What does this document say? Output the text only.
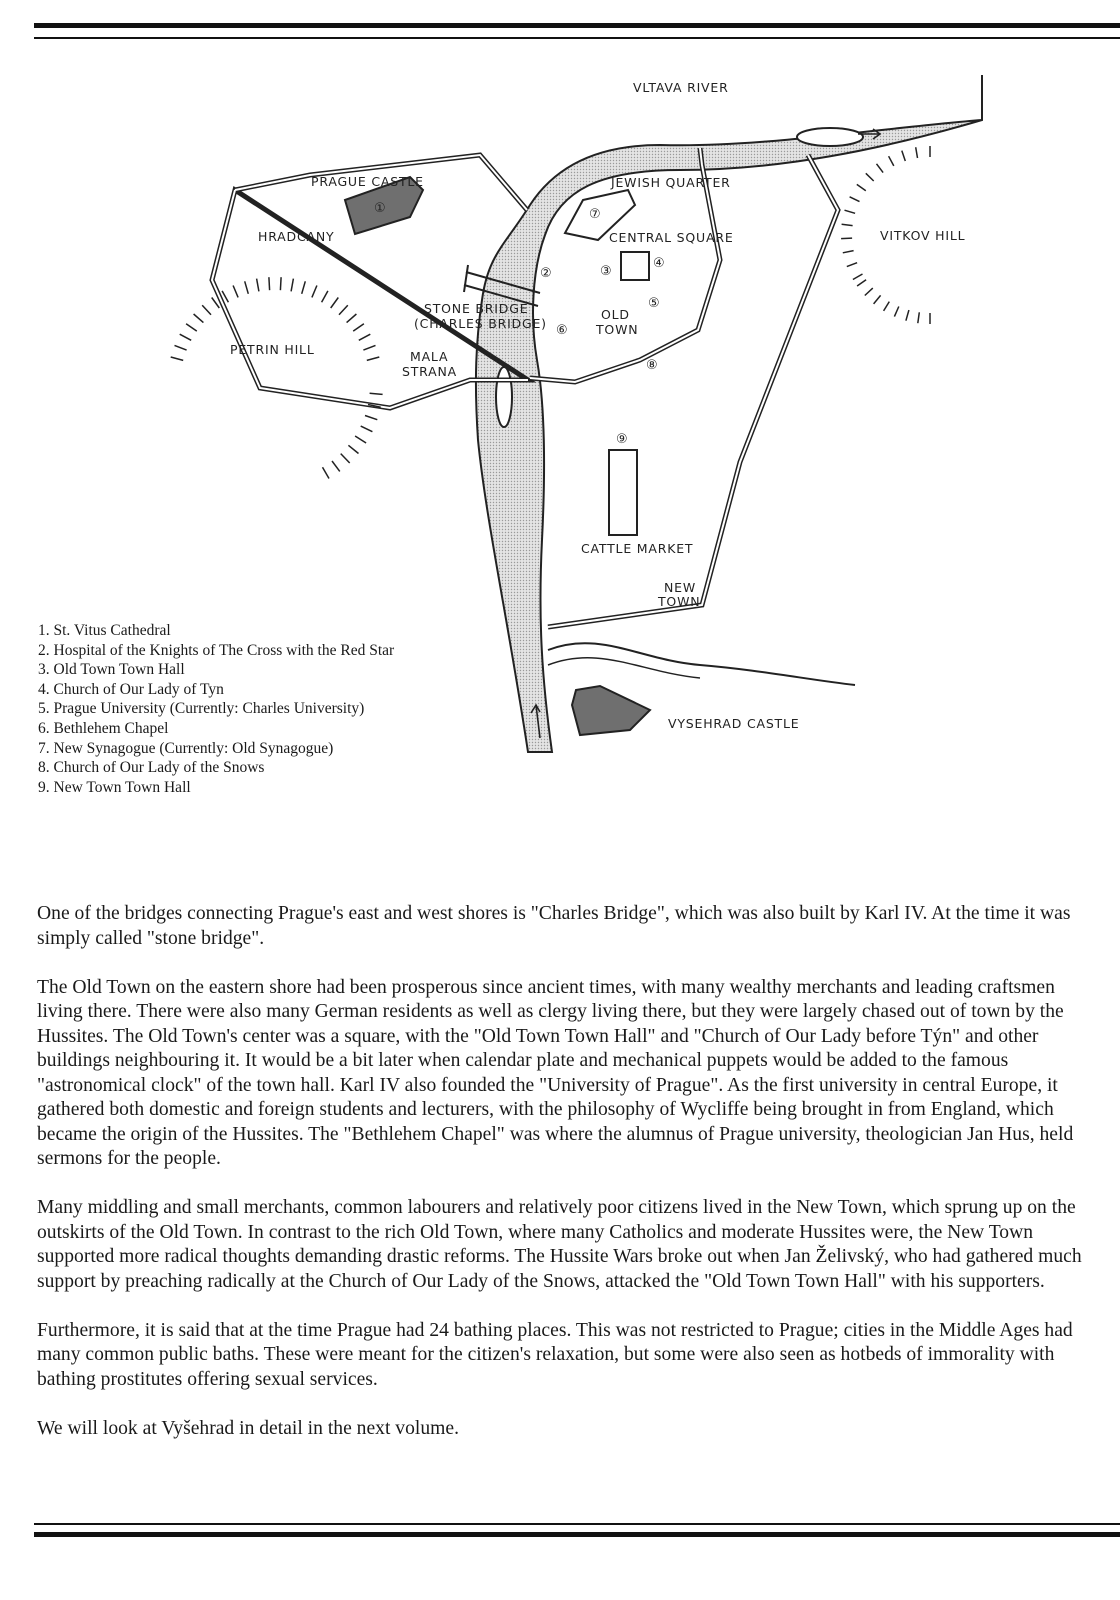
VLTAVA RIVER
PRAGUE CASTLE
HRADCANY
PETRIN HILL	MALA
STRANA
STONE BRIDGE
(CHARLES BRIDGE)
JEWISH QUARTER
CENTRAL SQUARE
OLD
TOWN
VITKOV HILL
CATTLE MARKET
NEW
TOWN
VYSEHRAD CASTLE
①
②	③
④
⑤
⑥
⑦
⑧
⑨
1. St. Vitus Cathedral
2. Hospital of the Knights of The Cross with the Red Star
3. Old Town Town Hall
4. Church of Our Lady of Tyn
5. Prague University (Currently: Charles University)
6. Bethlehem Chapel
7. New Synagogue (Currently: Old Synagogue)
8. Church of Our Lady of the Snows
9. New Town Town Hall

One of the bridges connecting Prague's east and west shores is "Charles Bridge", which was also built by Karl IV. At the time it was simply called "stone bridge".

The Old Town on the eastern shore had been prosperous since ancient times, with many wealthy merchants and leading craftsmen living there. There were also many German residents as well as clergy living there, but they were largely chased out of town by the Hussites. The Old Town's center was a square, with the "Old Town Town Hall" and "Church of Our Lady before Týn" and other buildings neighbouring it. It would be a bit later when calendar plate and mechanical puppets would be added to the famous "astronomical clock" of the town hall. Karl IV also founded the "University of Prague". As the first university in central Europe, it gathered both domestic and foreign students and lecturers, with the philosophy of Wycliffe being brought in from England, which became the origin of the Hussites. The "Bethlehem Chapel" was where the alumnus of Prague university, theologician Jan Hus, held sermons for the people.

Many middling and small merchants, common labourers and relatively poor citizens lived in the New Town, which sprung up on the outskirts of the Old Town. In contrast to the rich Old Town, where many Catholics and moderate Hussites were, the New Town supported more radical thoughts demanding drastic reforms. The Hussite Wars broke out when Jan Želivský, who had gathered much support by preaching radically at the Church of Our Lady of the Snows, attacked the "Old Town Town Hall" with his supporters.

Furthermore, it is said that at the time Prague had 24 bathing places. This was not restricted to Prague; cities in the Middle Ages had many common public baths. These were meant for the citizen's relaxation, but some were also seen as hotbeds of immorality with bathing prostitutes offering sexual services.

We will look at Vyšehrad in detail in the next volume.
